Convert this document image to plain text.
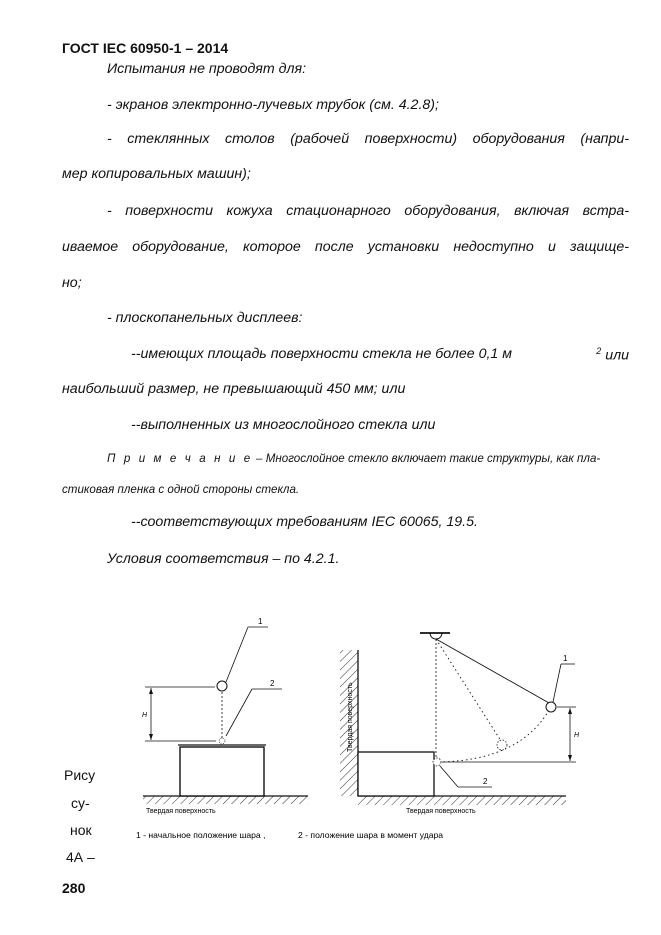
ГОСТ IEC 60950-1 – 2014
Испытания не проводят для:
- экранов электронно-лучевых трубок (см. 4.2.8);
- стеклянных столов (рабочей поверхности) оборудования (напри-
мер копировальных машин);
- поверхности кожуха стационарного оборудования, включая встра-
иваемое оборудование, которое после установки недоступно и защище-
но;
- плоскопанельных дисплеев:
--имеющих площадь поверхности стекла не более 0,1 м	$^2$ или
наибольший размер, не превышающий 450 мм; или
--выполненных из многослойного стекла или
П р и м е ч а н и е – Многослойное стекло включает такие структуры, как пла-
стиковая пленка с одной стороны стекла.
--соответствующих требованиям IEC 60065, 19.5.
Условия соответствия – по 4.2.1.
H
1
2
Твердая поверхность
H
1
2
Твердая поверхность
Твердая поверхность
1 - начальное положение шара ,	2 - положение шара в момент удара
Рису
су-
нок
4А –
280
